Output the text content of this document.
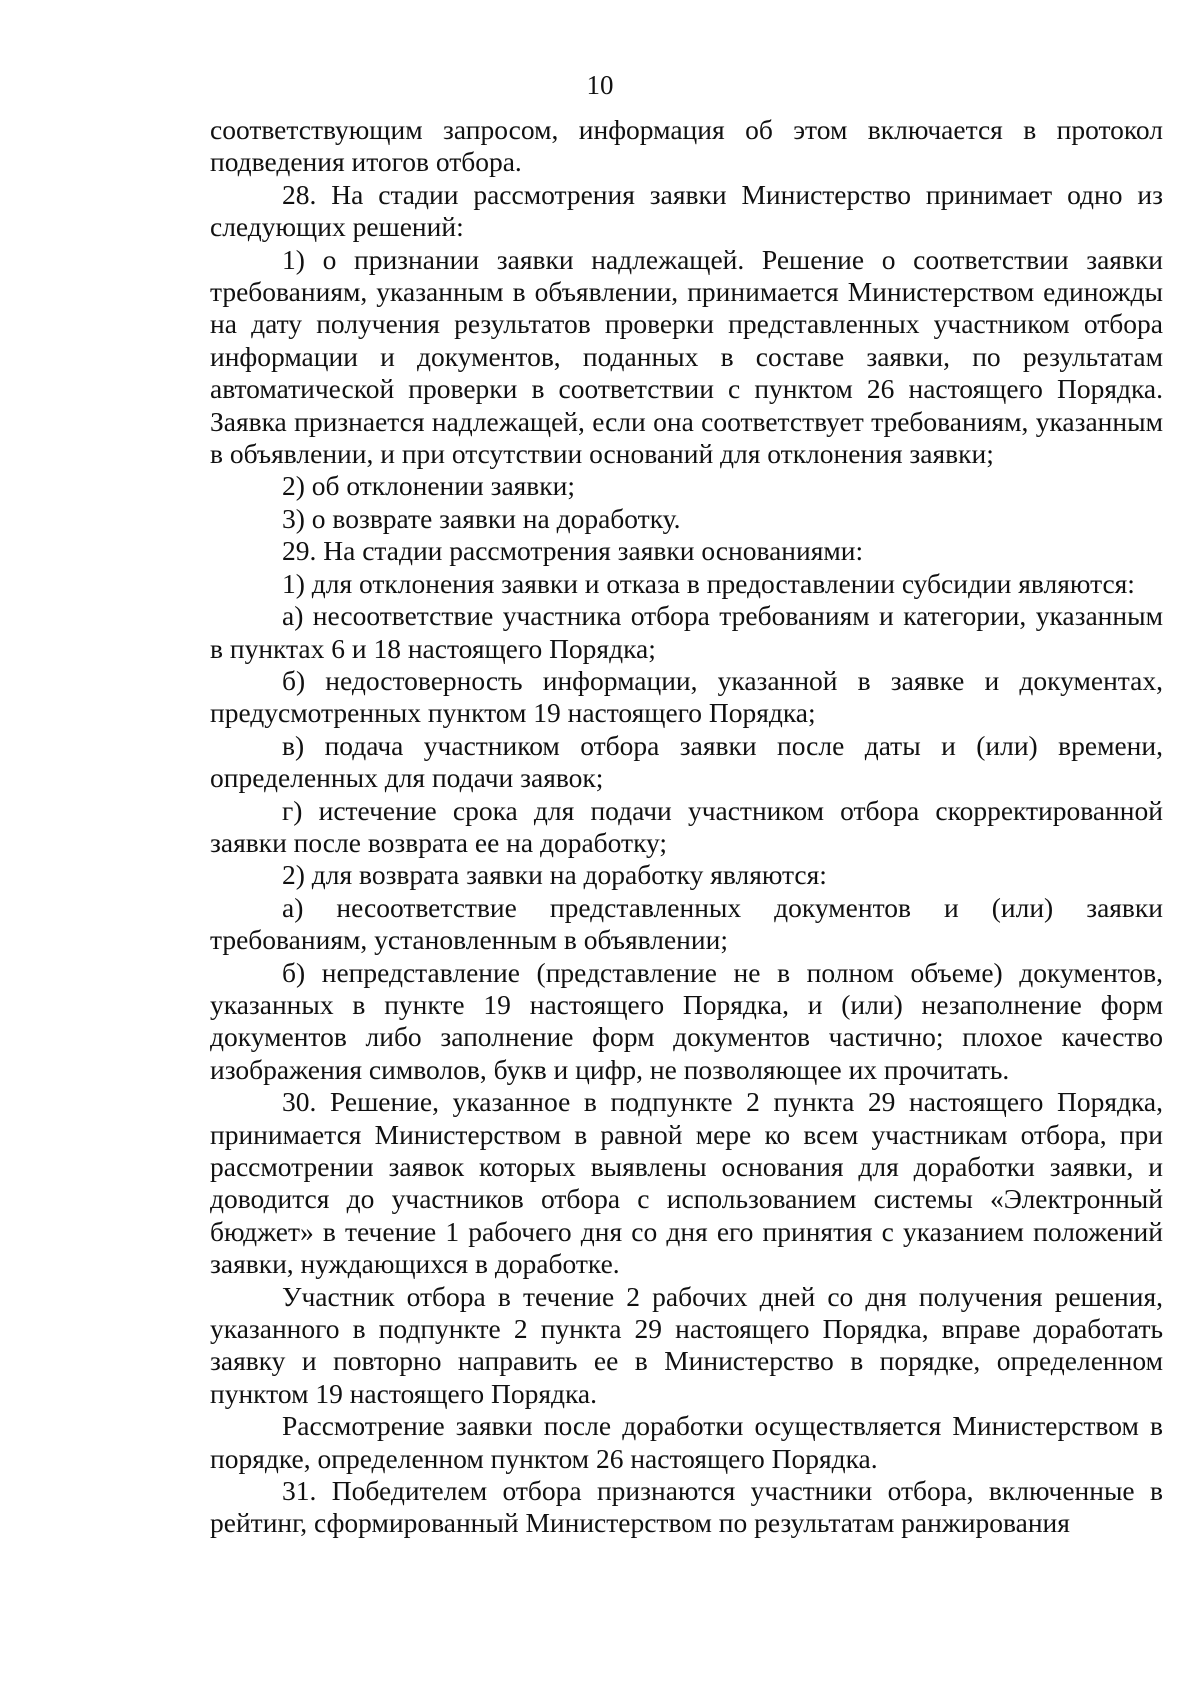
10

соответствующим запросом, информация об этом включается в протокол подведения итогов отбора.

28. На стадии рассмотрения заявки Министерство принимает одно из следующих решений:

1) о признании заявки надлежащей. Решение о соответствии заявки требованиям, указанным в объявлении, принимается Министерством единожды на дату получения результатов проверки представленных участником отбора информации и документов, поданных в составе заявки, по результатам автоматической проверки в соответствии с пунктом 26 настоящего Порядка. Заявка признается надлежащей, если она соответствует требованиям, указанным в объявлении, и при отсутствии оснований для отклонения заявки;

2) об отклонении заявки;

3) о возврате заявки на доработку.

29. На стадии рассмотрения заявки основаниями:

1) для отклонения заявки и отказа в предоставлении субсидии являются:

а) несоответствие участника отбора требованиям и категории, указанным в пунктах 6 и 18 настоящего Порядка;

б) недостоверность информации, указанной в заявке и документах, предусмотренных пунктом 19 настоящего Порядка;

в) подача участником отбора заявки после даты и (или) времени, определенных для подачи заявок;

г) истечение срока для подачи участником отбора скорректированной заявки после возврата ее на доработку;

2) для возврата заявки на доработку являются:

а) несоответствие представленных документов и (или) заявки требованиям, установленным в объявлении;

б) непредставление (представление не в полном объеме) документов, указанных в пункте 19 настоящего Порядка, и (или) незаполнение форм документов либо заполнение форм документов частично; плохое качество изображения символов, букв и цифр, не позволяющее их прочитать.

30. Решение, указанное в подпункте 2 пункта 29 настоящего Порядка, принимается Министерством в равной мере ко всем участникам отбора, при рассмотрении заявок которых выявлены основания для доработки заявки, и доводится до участников отбора с использованием системы «Электронный бюджет» в течение 1 рабочего дня со дня его принятия с указанием положений заявки, нуждающихся в доработке.

Участник отбора в течение 2 рабочих дней со дня получения решения, указанного в подпункте 2 пункта 29 настоящего Порядка, вправе доработать заявку и повторно направить ее в Министерство в порядке, определенном пунктом 19 настоящего Порядка.

Рассмотрение заявки после доработки осуществляется Министерством в порядке, определенном пунктом 26 настоящего Порядка.

31. Победителем отбора признаются участники отбора, включенные в рейтинг, сформированный Министерством по результатам ранжирования
